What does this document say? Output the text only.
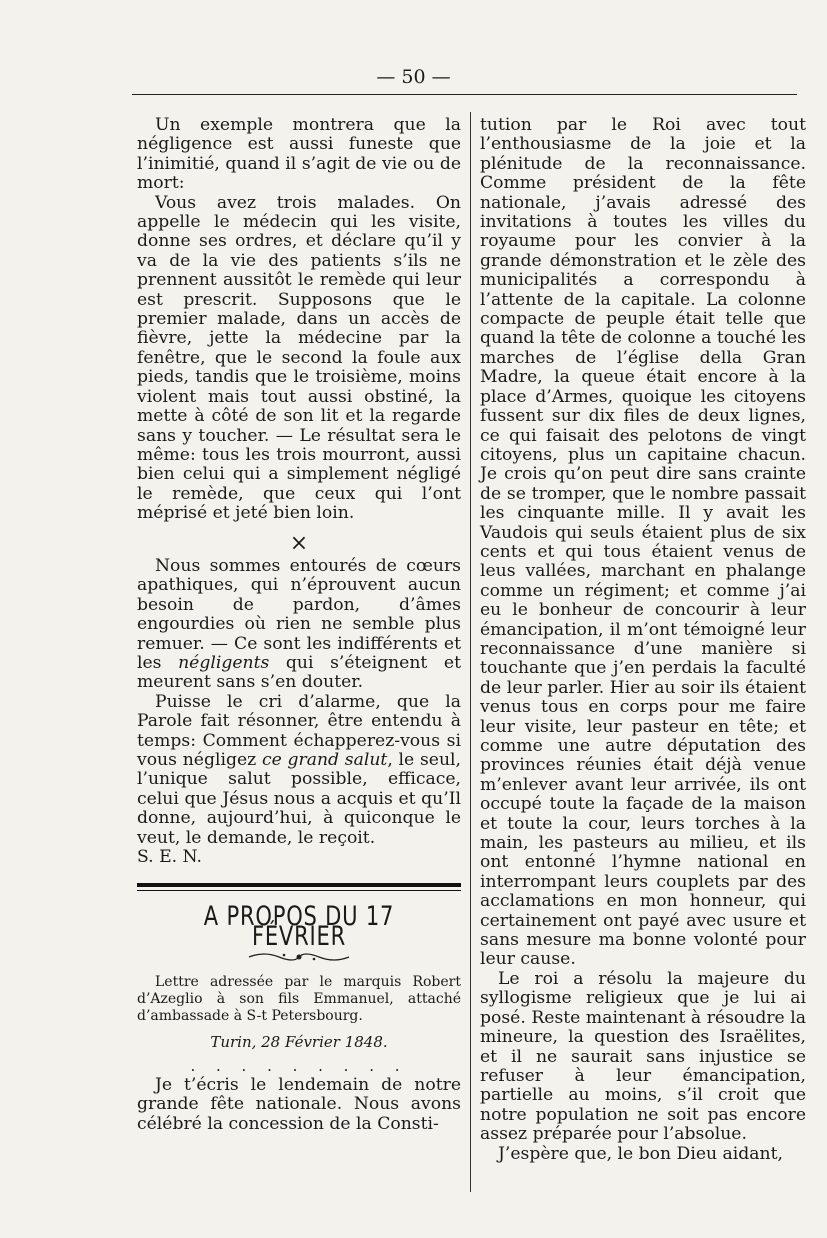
— 50 —

Un exemple montrera que la négligence est aussi funeste que l’inimitié, quand il s’agit de vie ou de mort:

Vous avez trois malades. On appelle le médecin qui les visite, donne ses ordres, et déclare qu’il y va de la vie des patients s’ils ne prennent aussitôt le remède qui leur est prescrit. Supposons que le premier malade, dans un accès de fièvre, jette la médecine par la fenêtre, que le second la foule aux pieds, tandis que le troisième, moins violent mais tout aussi obstiné, la mette à côté de son lit et la regarde sans y toucher. — Le résultat sera le même: tous les trois mourront, aussi bien celui qui a simplement négligé le remède, que ceux qui l’ont méprisé et jeté bien loin.

×

Nous sommes entourés de cœurs apathiques, qui n’éprouvent aucun besoin de pardon, d’âmes engourdies où rien ne semble plus remuer. — Ce sont les indifférents et les négligents qui s’éteignent et meurent sans s’en douter.

Puisse le cri d’alarme, que la Parole fait résonner, être entendu à temps: Comment échapperez-vous si vous négligez ce grand salut, le seul, l’unique salut possible, efficace, celui que Jésus nous a acquis et qu’Il donne, aujourd’hui, à quiconque le veut, le demande, le reçoit.

S. E. N.

A PROPOS DU 17 FÉVRIER

Lettre adressée par le marquis Robert d’Azeglio à son fils Emmanuel, attaché d’ambassade à S-t Petersbourg.

Turin, 28 Février 1848.
. . . . . . . . .

Je t’écris le lendemain de notre grande fête nationale. Nous avons célébré la concession de la Consti-

tution par le Roi avec tout l’enthousiasme de la joie et la plénitude de la reconnaissance. Comme président de la fête nationale, j’avais adressé des invitations à toutes les villes du royaume pour les convier à la grande démonstration et le zèle des municipalités a correspondu à l’attente de la capitale. La colonne compacte de peuple était telle que quand la tête de colonne a touché les marches de l’église della Gran Madre, la queue était encore à la place d’Armes, quoique les citoyens fussent sur dix files de deux lignes, ce qui faisait des pelotons de vingt citoyens, plus un capitaine chacun. Je crois qu’on peut dire sans crainte de se tromper, que le nombre passait les cinquante mille. Il y avait les Vaudois qui seuls étaient plus de six cents et qui tous étaient venus de leus vallées, marchant en phalange comme un régiment; et comme j’ai eu le bonheur de concourir à leur émancipation, il m’ont témoigné leur reconnaissance d’une manière si touchante que j’en perdais la faculté de leur parler. Hier au soir ils étaient venus tous en corps pour me faire leur visite, leur pasteur en tête; et comme une autre députation des provinces réunies était déjà venue m’enlever avant leur arrivée, ils ont occupé toute la façade de la maison et toute la cour, leurs torches à la main, les pasteurs au milieu, et ils ont entonné l’hymne national en interrompant leurs couplets par des acclamations en mon honneur, qui certainement ont payé avec usure et sans mesure ma bonne volonté pour leur cause.

Le roi a résolu la majeure du syllogisme religieux que je lui ai posé. Reste maintenant à résoudre la mineure, la question des Israëlites, et il ne saurait sans injustice se refuser à leur émancipation, partielle au moins, s’il croit que notre population ne soit pas encore assez préparée pour l’absolue.

J’espère que, le bon Dieu aidant,
